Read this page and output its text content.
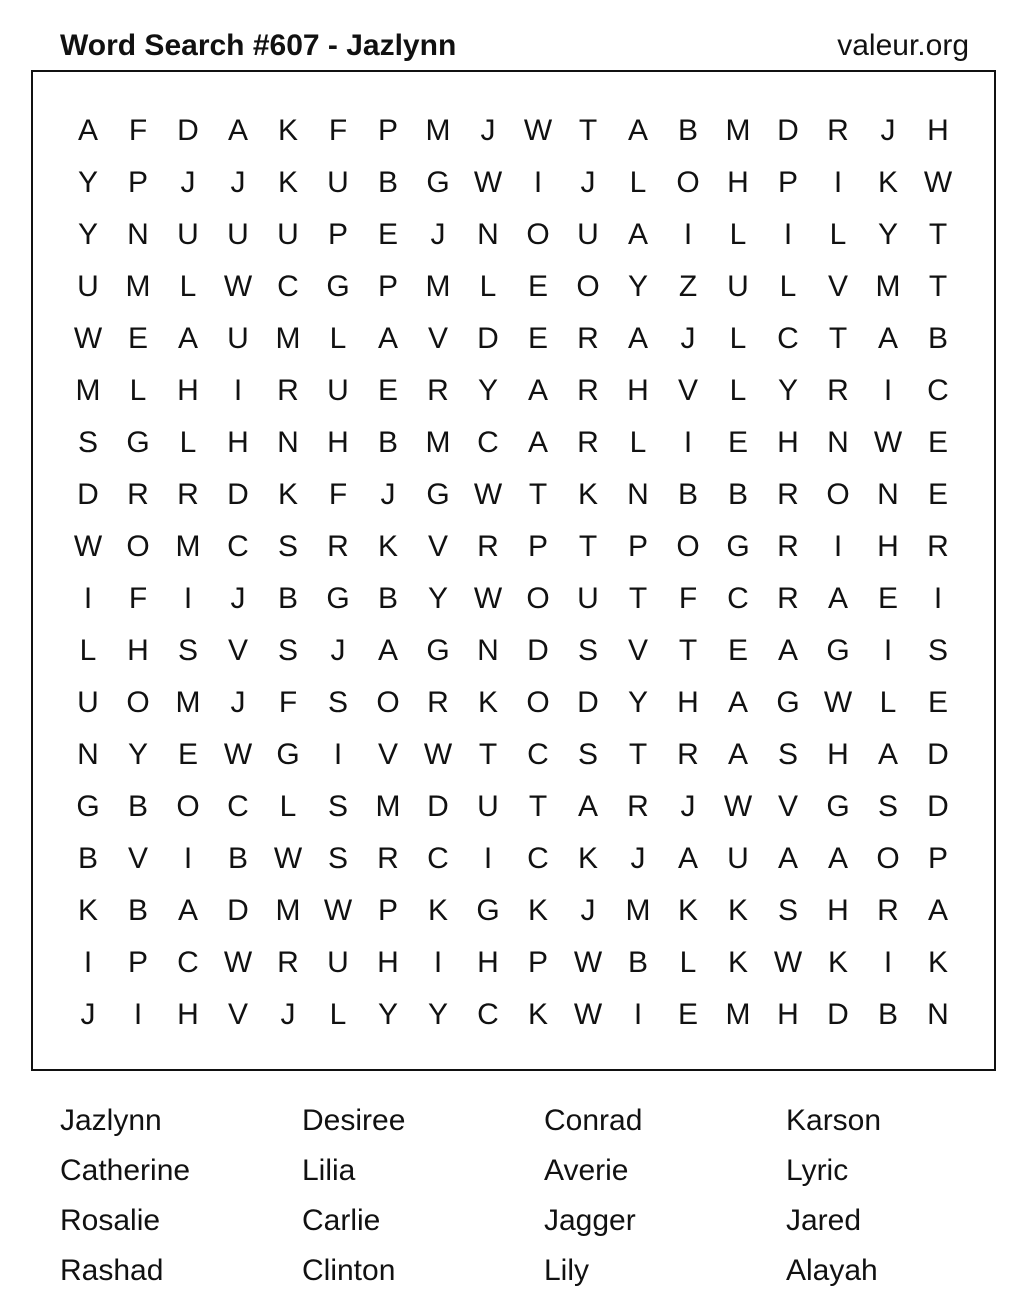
Word Search #607 - Jazlynn	valeur.org
A	F	D A K	F	P M	J W T	A B M D R	J	H
Y P	J	J	K U B G W	I	J	L O H P	I	K W
Y N U U U P E	J	N O U A	I	L	I	L	Y	T
U M L W C G P M L	E O Y	Z	U	L	V M T
W E A U M L	A V D E R A	J	L	C	T	A B
M L	H	I	R U E R Y A R H V	L	Y R	I	C
S G L	H N H B M C A R	L	I	E H N W E
D R R D K	F	J	G W T	K N B B R O N E
W O M C S R K V R P	T	P O G R	I	H R
I	F	I	J	B G B Y W O U	T	F	C R A E	I
L	H S V S	J	A G N D S V	T	E A G	I	S
U O M	J	F	S O R K O D Y H A G W L	E
N Y E W G	I	V W T	C S	T	R A S H A D
G B O C	L	S M D U	T	A R	J W V G S D
B V	I	B W S R C	I	C K	J	A U A A O P
K B A D M W P K G K	J	M K K S H R A
I	P C W R U H	I	H P W B	L	K W K	I	K
J	I	H V	J	L	Y Y C K W	I	E M H D B N
Jazlynn	Desiree	Conrad	Karson
Catherine	Lilia	Averie	Lyric
Rosalie	Carlie	Jagger	Jared
Rashad	Clinton	Lily	Alayah
